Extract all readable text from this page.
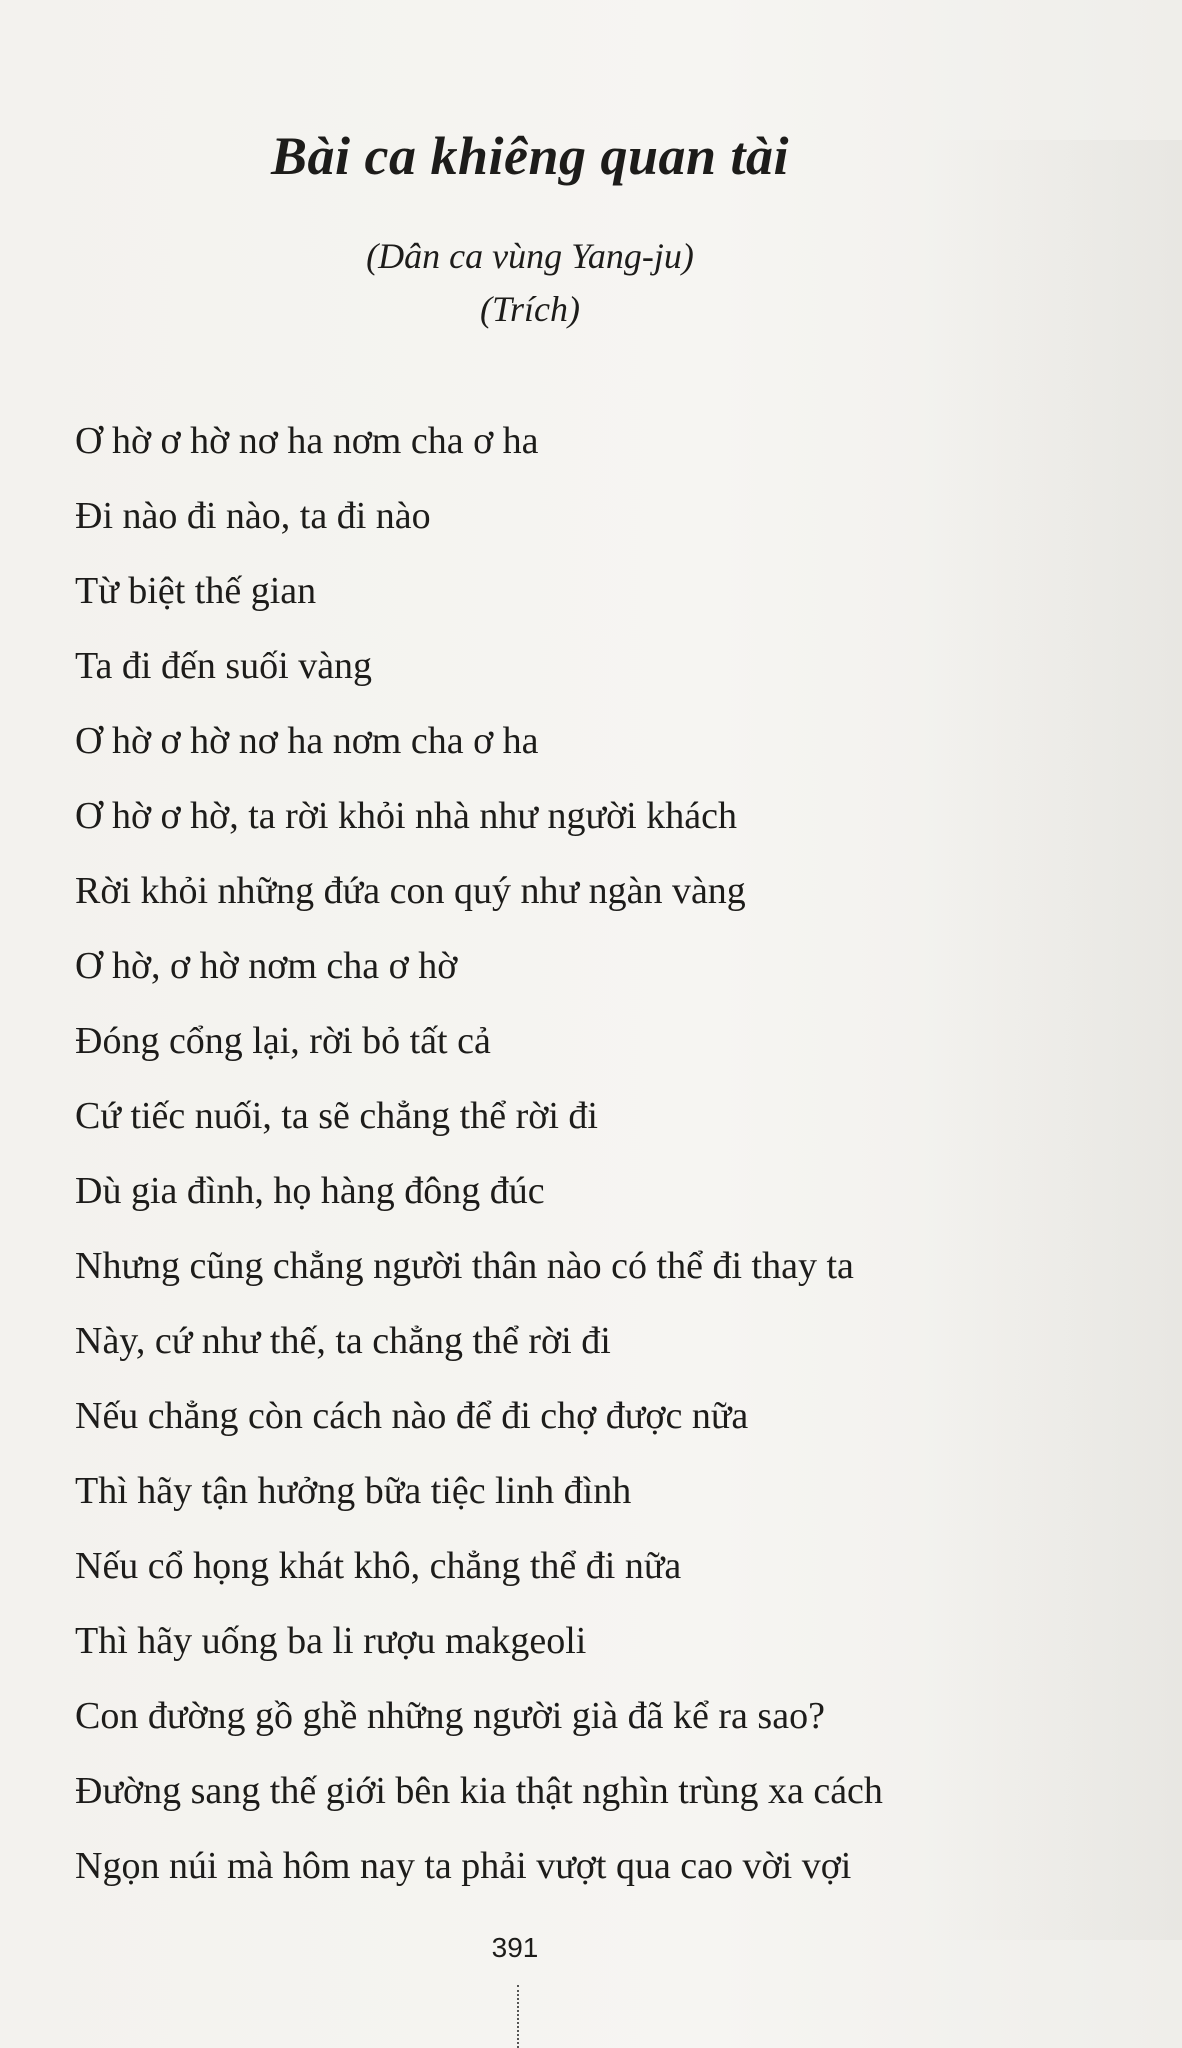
Bài ca khiêng quan tài

(Dân ca vùng Yang-ju)

(Trích)

Ơ hờ ơ hờ nơ ha nơm cha ơ ha
Đi nào đi nào, ta đi nào
Từ biệt thế gian
Ta đi đến suối vàng
Ơ hờ ơ hờ nơ ha nơm cha ơ ha
Ơ hờ ơ hờ, ta rời khỏi nhà như người khách
Rời khỏi những đứa con quý như ngàn vàng
Ơ hờ, ơ hờ nơm cha ơ hờ
Đóng cổng lại, rời bỏ tất cả
Cứ tiếc nuối, ta sẽ chẳng thể rời đi
Dù gia đình, họ hàng đông đúc
Nhưng cũng chẳng người thân nào có thể đi thay ta
Này, cứ như thế, ta chẳng thể rời đi
Nếu chẳng còn cách nào để đi chợ được nữa
Thì hãy tận hưởng bữa tiệc linh đình
Nếu cổ họng khát khô, chẳng thể đi nữa
Thì hãy uống ba li rượu makgeoli
Con đường gồ ghề những người già đã kể ra sao?
Đường sang thế giới bên kia thật nghìn trùng xa cách
Ngọn núi mà hôm nay ta phải vượt qua cao vời vợi
391
